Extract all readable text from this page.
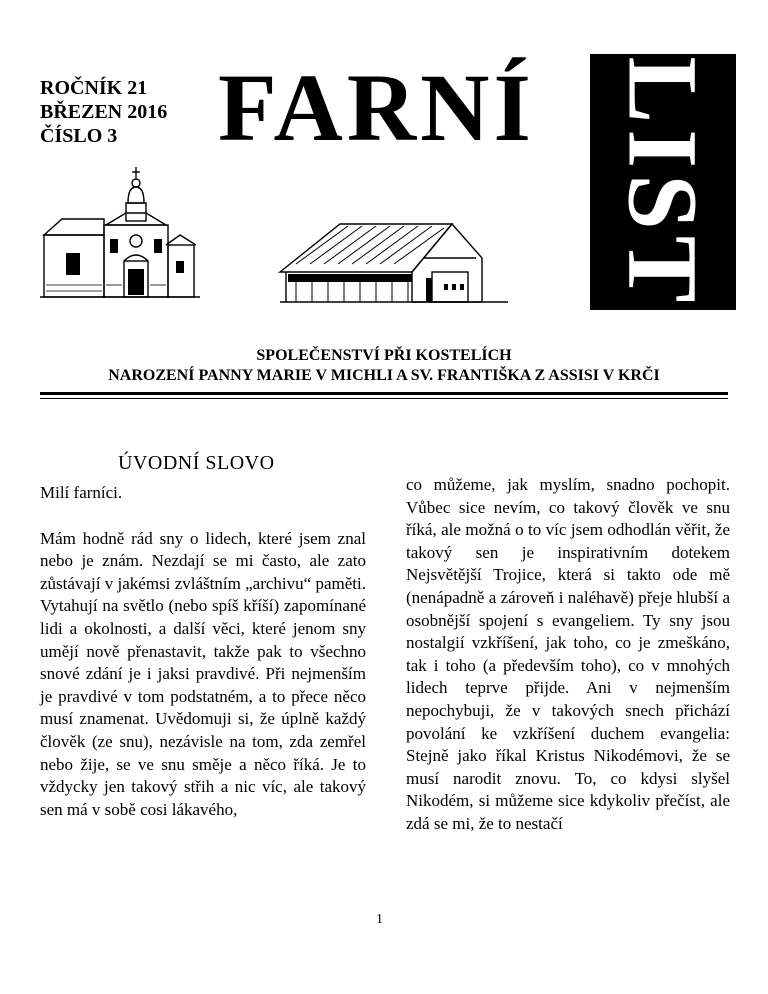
ROČNÍK 21
BŘEZEN 2016
ČÍSLO 3	FARNÍ LIST
SPOLEČENSTVÍ PŘI KOSTELÍCH
NAROZENÍ PANNY MARIE V MICHLI A SV. FRANTIŠKA Z ASSISI V KRČI
ÚVODNÍ SLOVO

Milí farníci.

Mám hodně rád sny o lidech, které jsem znal nebo je znám. Nezdají se mi často, ale zato zůstávají v jakémsi zvláštním „archivu“ paměti. Vytahují na světlo (nebo spíš kříší) zapomínané lidi a okolnosti, a další věci, které jenom sny umějí nově přenastavit, takže pak to všechno snové zdání je i jaksi pravdivé. Při nejmenším je pravdivé v tom podstatném, a to přece něco musí znamenat. Uvědomuji si, že úplně každý člověk (ze snu), nezávisle na tom, zda zemřel nebo žije, se ve snu směje a něco říká. Je to vždycky jen takový střih a nic víc, ale takový sen má v sobě cosi lákavého,

co můžeme, jak myslím, snadno pochopit. Vůbec sice nevím, co takový člověk ve snu říká, ale možná o to víc jsem odhodlán věřit, že takový sen je inspirativním dotekem Nejsvětější Trojice, která si takto ode mě (nenápadně a zároveň i naléhavě) přeje hlubší a osobnější spojení s evangeliem. Ty sny jsou nostalgií vzkříšení, jak toho, co je zmeškáno, tak i toho (a především toho), co v mnohých lidech teprve přijde. Ani v nejmenším nepochybuji, že v takových snech přichází povolání ke vzkříšení duchem evangelia: Stejně jako říkal Kristus Nikodémovi, že se musí narodit znovu. To, co kdysi slyšel Nikodém, si můžeme sice kdykoliv přečíst, ale zdá se mi, že to nestačí

1
